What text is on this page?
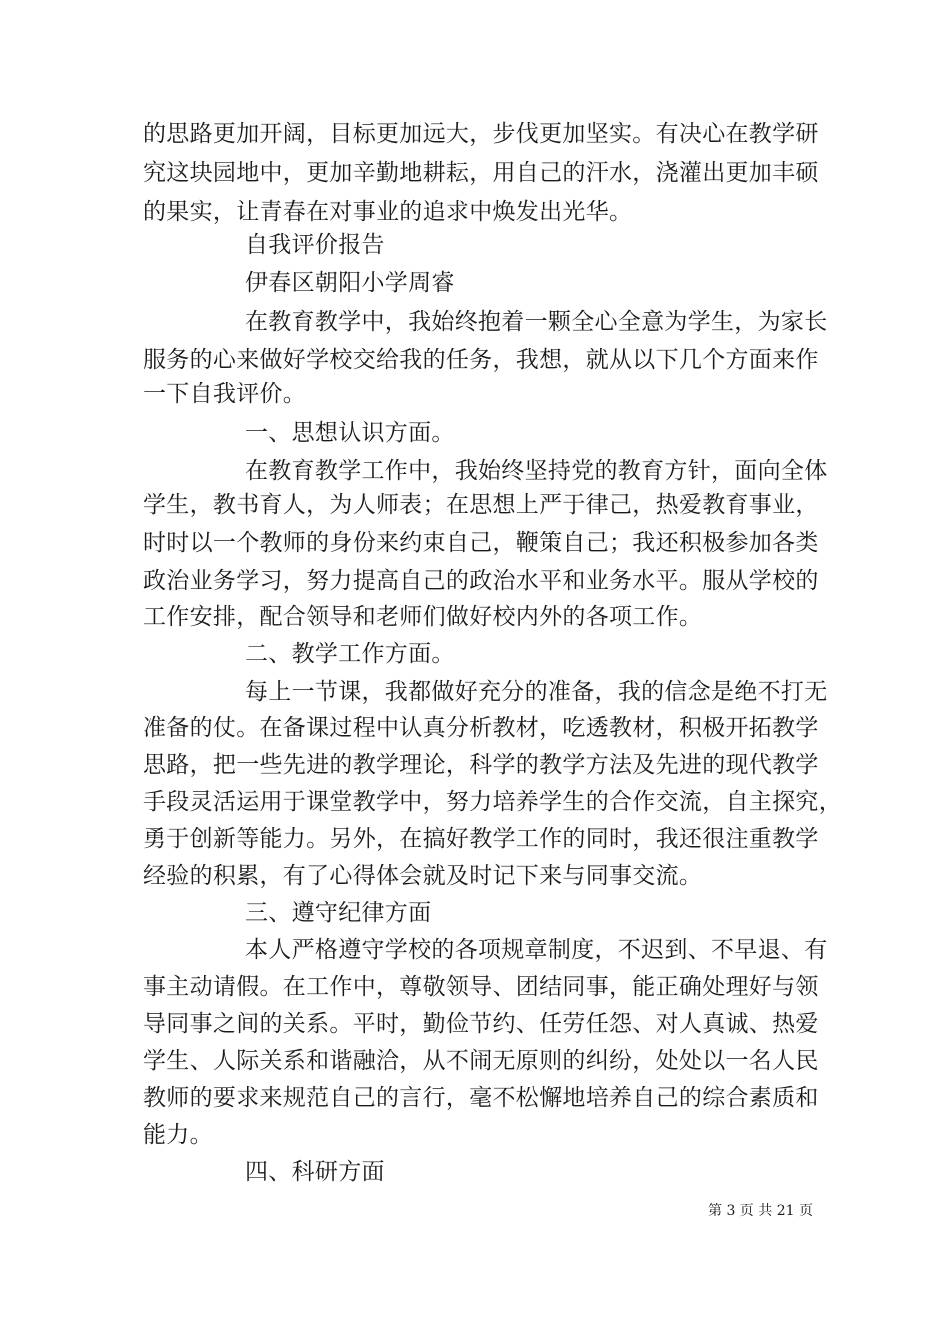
的思路更加开阔，目标更加远大，步伐更加坚实。有决心在教学研
究这块园地中，更加辛勤地耕耘，用自己的汗水，浇灌出更加丰硕
的果实，让青春在对事业的追求中焕发出光华。
自我评价报告
伊春区朝阳小学周睿
在教育教学中，我始终抱着一颗全心全意为学生，为家长
服务的心来做好学校交给我的任务，我想，就从以下几个方面来作
一下自我评价。
一、思想认识方面。
在教育教学工作中，我始终坚持党的教育方针，面向全体
学生，教书育人，为人师表；在思想上严于律己，热爱教育事业，
时时以一个教师的身份来约束自己，鞭策自己；我还积极参加各类
政治业务学习，努力提高自己的政治水平和业务水平。服从学校的
工作安排，配合领导和老师们做好校内外的各项工作。
二、教学工作方面。
每上一节课，我都做好充分的准备，我的信念是绝不打无
准备的仗。在备课过程中认真分析教材，吃透教材，积极开拓教学
思路，把一些先进的教学理论，科学的教学方法及先进的现代教学
手段灵活运用于课堂教学中，努力培养学生的合作交流，自主探究，
勇于创新等能力。另外，在搞好教学工作的同时，我还很注重教学
经验的积累，有了心得体会就及时记下来与同事交流。
三、遵守纪律方面
本人严格遵守学校的各项规章制度，不迟到、不早退、有
事主动请假。在工作中，尊敬领导、团结同事，能正确处理好与领
导同事之间的关系。平时，勤俭节约、任劳任怨、对人真诚、热爱
学生、人际关系和谐融洽，从不闹无原则的纠纷，处处以一名人民
教师的要求来规范自己的言行，毫不松懈地培养自己的综合素质和
能力。
四、科研方面
第 3 页 共 21 页
